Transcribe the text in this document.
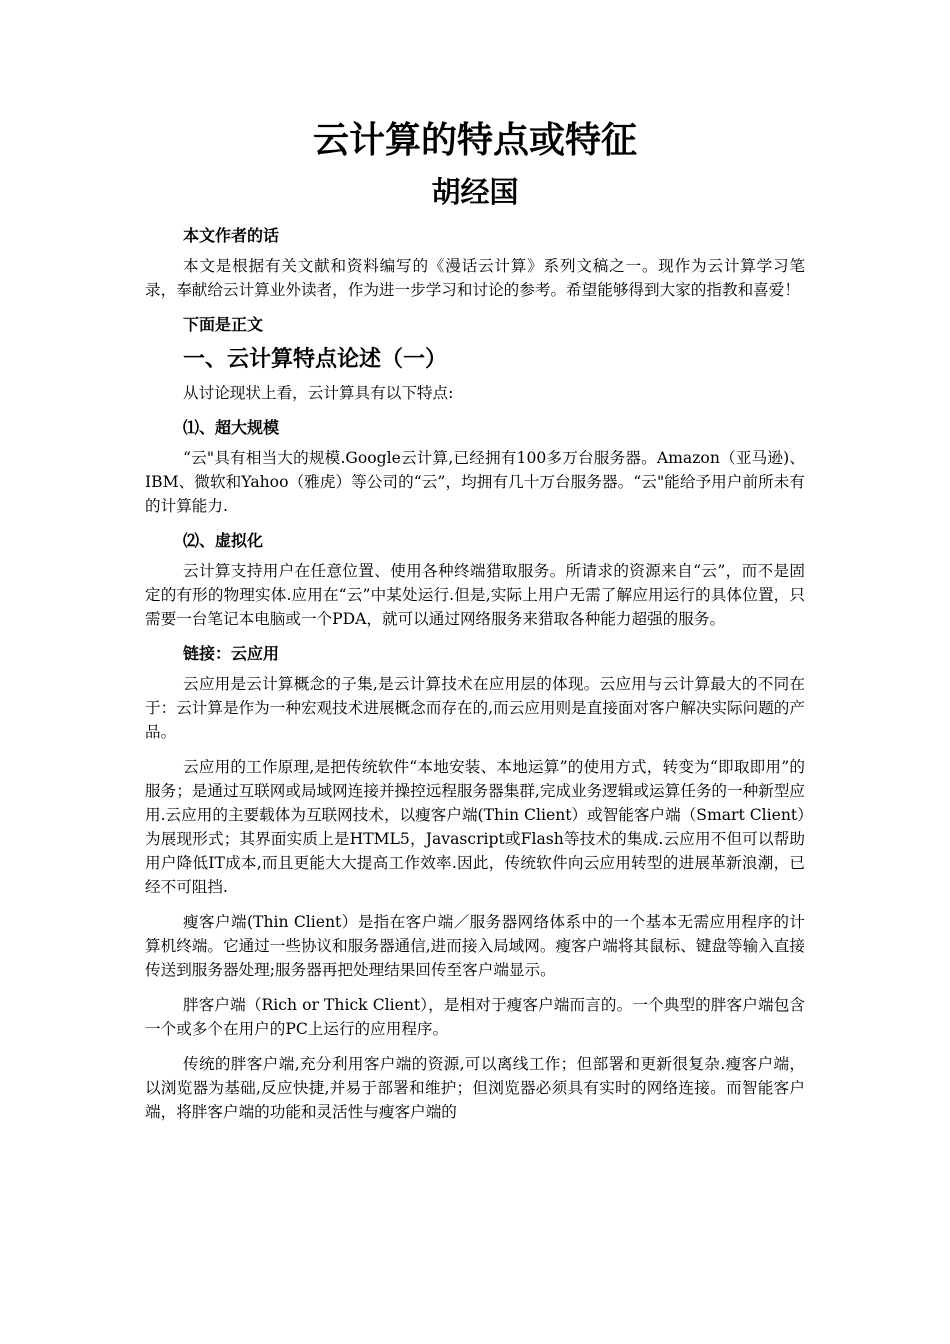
云计算的特点或特征
胡经国
本文作者的话
本文是根据有关文献和资料编写的《漫话云计算》系列文稿之一。现作为云计算学习笔录，奉献给云计算业外读者，作为进一步学习和讨论的参考。希望能够得到大家的指教和喜爱！
下面是正文
一、云计算特点论述（一）
从讨论现状上看，云计算具有以下特点:
⑴、超大规模
“云"具有相当大的规模.Google云计算,已经拥有100多万台服务器。Amazon（亚马逊)、IBM、微软和Yahoo（雅虎）等公司的“云”，均拥有几十万台服务器。“云"能给予用户前所未有的计算能力.
⑵、虚拟化
云计算支持用户在任意位置、使用各种终端猎取服务。所请求的资源来自“云”，而不是固定的有形的物理实体.应用在“云”中某处运行.但是,实际上用户无需了解应用运行的具体位置，只需要一台笔记本电脑或一个PDA，就可以通过网络服务来猎取各种能力超强的服务。
链接：云应用
云应用是云计算概念的子集,是云计算技术在应用层的体现。云应用与云计算最大的不同在于：云计算是作为一种宏观技术进展概念而存在的,而云应用则是直接面对客户解决实际问题的产品。
云应用的工作原理,是把传统软件“本地安装、本地运算”的使用方式，转变为“即取即用”的服务；是通过互联网或局域网连接并操控远程服务器集群,完成业务逻辑或运算任务的一种新型应用.云应用的主要载体为互联网技术，以瘦客户端(Thin Client）或智能客户端（Smart Client）为展现形式；其界面实质上是HTML5，Javascript或Flash等技术的集成.云应用不但可以帮助用户降低IT成本,而且更能大大提高工作效率.因此，传统软件向云应用转型的进展革新浪潮，已经不可阻挡.
瘦客户端(Thin Client）是指在客户端／服务器网络体系中的一个基本无需应用程序的计算机终端。它通过一些协议和服务器通信,进而接入局域网。瘦客户端将其鼠标、键盘等输入直接传送到服务器处理;服务器再把处理结果回传至客户端显示。
胖客户端（Rich or Thick Client），是相对于瘦客户端而言的。一个典型的胖客户端包含一个或多个在用户的PC上运行的应用程序。
传统的胖客户端,充分利用客户端的资源,可以离线工作；但部署和更新很复杂.瘦客户端，以浏览器为基础,反应快捷,并易于部署和维护；但浏览器必须具有实时的网络连接。而智能客户端，将胖客户端的功能和灵活性与瘦客户端的
